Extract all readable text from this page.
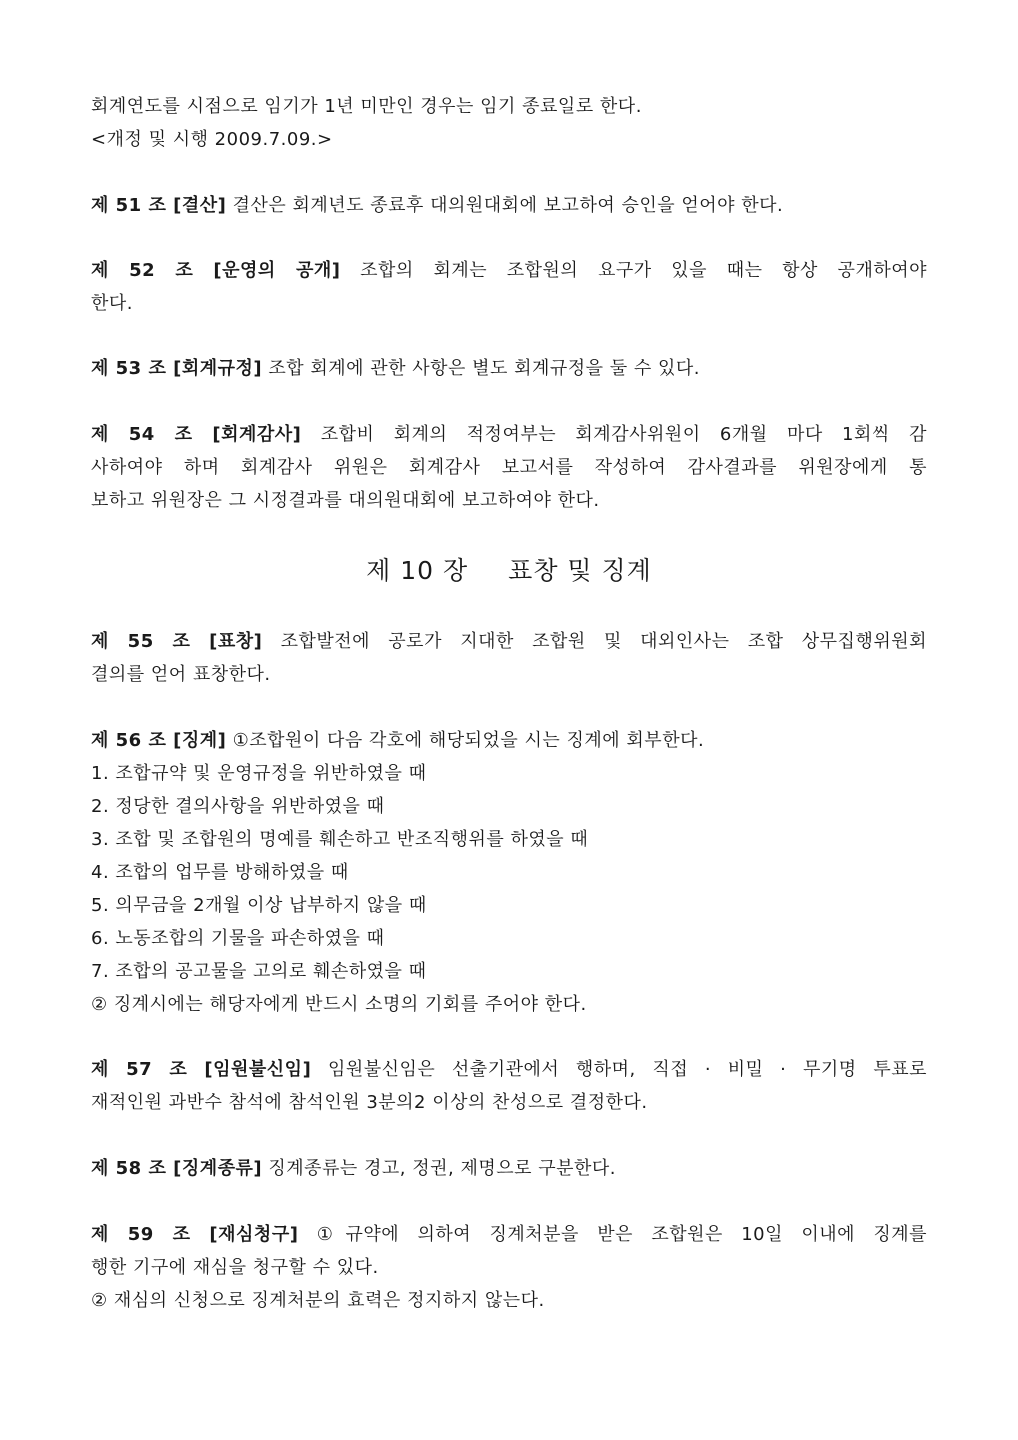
회계연도를 시점으로 임기가 1년 미만인 경우는 임기 종료일로 한다.
<개정 및 시행 2009.7.09.>
제 51 조 [결산] 결산은 회계년도 종료후 대의원대회에 보고하여 승인을 얻어야 한다.
제 52 조 [운영의 공개] 조합의 회계는 조합원의 요구가 있을 때는 항상 공개하여야
한다.
제 53 조 [회계규정] 조합 회계에 관한 사항은 별도 회계규정을 둘 수 있다.
제 54 조 [회계감사] 조합비 회계의 적정여부는 회계감사위원이 6개월 마다 1회씩 감
사하여야 하며 회계감사 위원은 회계감사 보고서를 작성하여 감사결과를 위원장에게 통
보하고 위원장은 그 시정결과를 대의원대회에 보고하여야 한다.
제 10 장 표창 및 징계
제 55 조 [표창] 조합발전에 공로가 지대한 조합원 및 대외인사는 조합 상무집행위원회
결의를 얻어 표창한다.
제 56 조 [징계] ①조합원이 다음 각호에 해당되었을 시는 징계에 회부한다.
1. 조합규약 및 운영규정을 위반하였을 때
2. 정당한 결의사항을 위반하였을 때
3. 조합 및 조합원의 명예를 훼손하고 반조직행위를 하였을 때
4. 조합의 업무를 방해하였을 때
5. 의무금을 2개월 이상 납부하지 않을 때
6. 노동조합의 기물을 파손하였을 때
7. 조합의 공고물을 고의로 훼손하였을 때
② 징계시에는 해당자에게 반드시 소명의 기회를 주어야 한다.
제 57 조 [임원불신임] 임원불신임은 선출기관에서 행하며, 직접 · 비밀 · 무기명 투표로
재적인원 과반수 참석에 참석인원 3분의2 이상의 찬성으로 결정한다.
제 58 조 [징계종류] 징계종류는 경고, 정권, 제명으로 구분한다.
제 59 조 [재심청구] ①규약에 의하여 징계처분을 받은 조합원은 10일 이내에 징계를
행한 기구에 재심을 청구할 수 있다.
② 재심의 신청으로 징계처분의 효력은 정지하지 않는다.
